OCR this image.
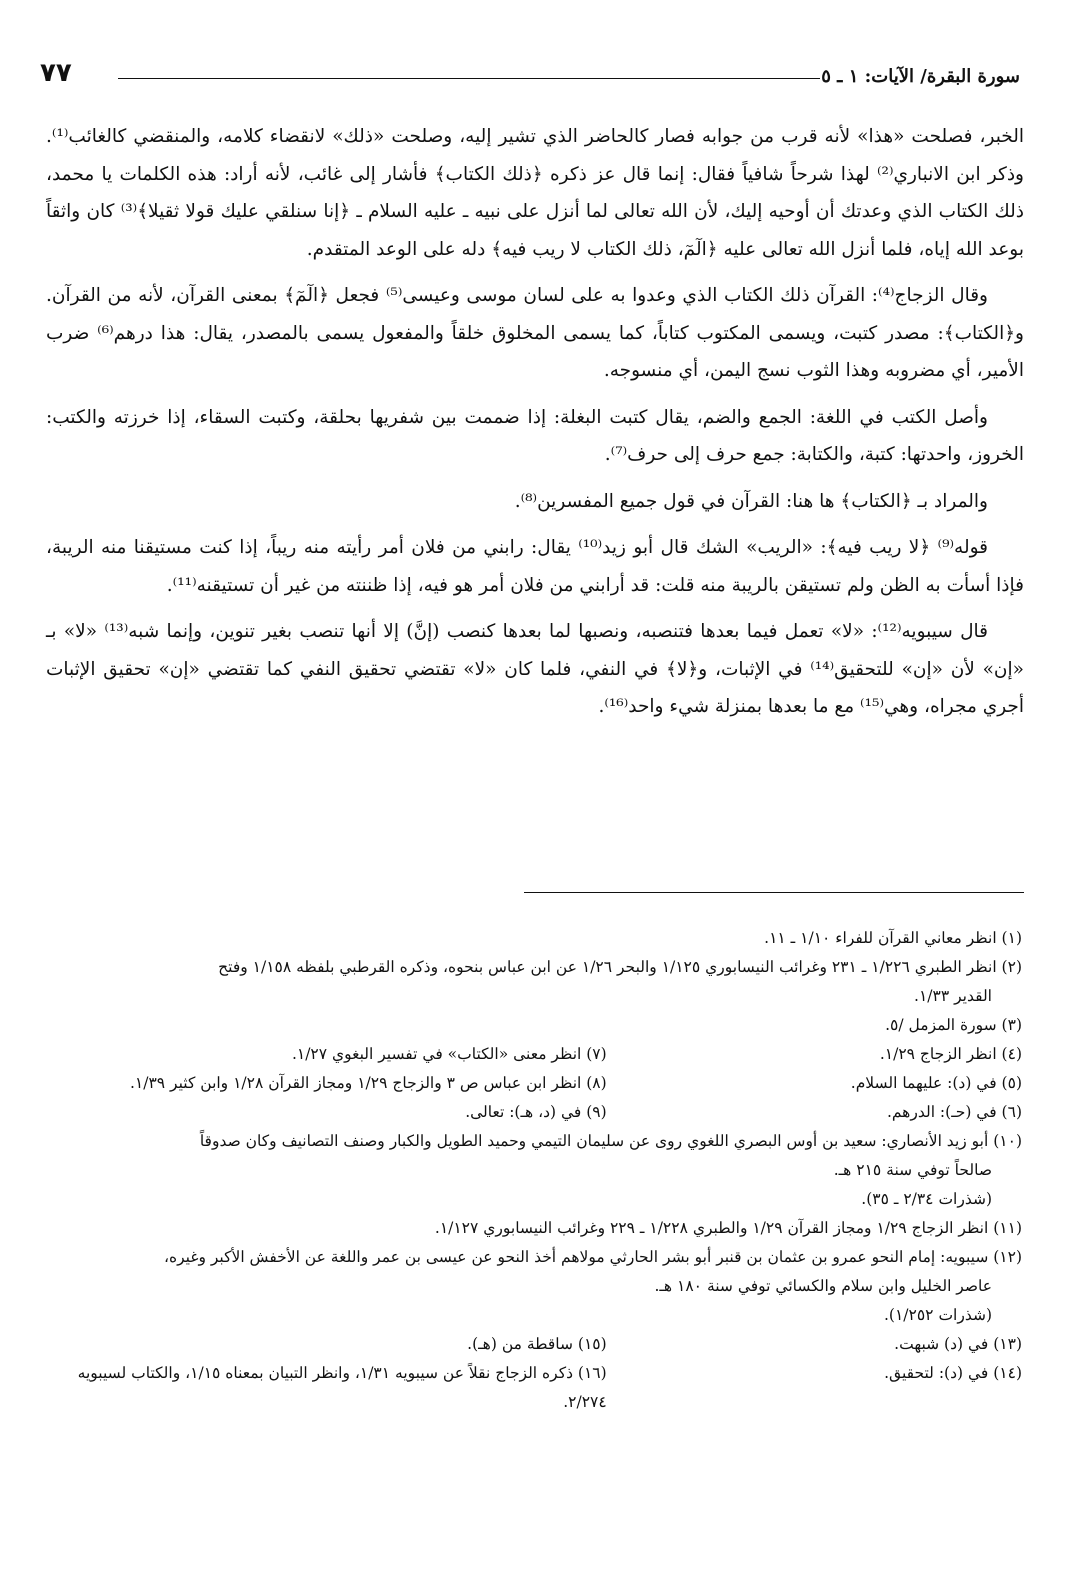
٧٧	سورة البقرة/ الآيات: ١ ـ ٥

الخبر، فصلحت «هذا» لأنه قرب من جوابه فصار كالحاضر الذي تشير إليه، وصلحت «ذلك» لانقضاء كلامه، والمنقضي كالغائب⁽¹⁾. وذكر ابن الانباري⁽²⁾ لهذا شرحاً شافياً فقال: إنما قال عز ذكره ﴿ذلك الكتاب﴾ فأشار إلى غائب، لأنه أراد: هذه الكلمات يا محمد، ذلك الكتاب الذي وعدتك أن أوحيه إليك، لأن الله تعالى لما أنزل على نبيه ـ عليه السلام ـ ﴿إنا سنلقي عليك قولا ثقيلا﴾⁽³⁾ كان واثقاً بوعد الله إياه، فلما أنزل الله تعالى عليه ﴿الٓمٓ، ذلك الكتاب لا ريب فيه﴾ دله على الوعد المتقدم.

وقال الزجاج⁽⁴⁾: القرآن ذلك الكتاب الذي وعدوا به على لسان موسى وعيسى⁽⁵⁾ فجعل ﴿الٓمٓ﴾ بمعنى القرآن، لأنه من القرآن. و﴿الكتاب﴾: مصدر كتبت، ويسمى المكتوب كتاباً، كما يسمى المخلوق خلقاً والمفعول يسمى بالمصدر، يقال: هذا درهم⁽⁶⁾ ضرب الأمير، أي مضروبه وهذا الثوب نسج اليمن، أي منسوجه.

وأصل الكتب في اللغة: الجمع والضم، يقال كتبت البغلة: إذا ضممت بين شفريها بحلقة، وكتبت السقاء، إذا خرزته والكتب: الخروز، واحدتها: كتبة، والكتابة: جمع حرف إلى حرف⁽⁷⁾.

والمراد بـ ﴿الكتاب﴾ ها هنا: القرآن في قول جميع المفسرين⁽⁸⁾.

قوله⁽⁹⁾ ﴿لا ريب فيه﴾: «الريب» الشك قال أبو زيد⁽¹⁰⁾ يقال: رابني من فلان أمر رأيته منه ريباً، إذا كنت مستيقنا منه الريبة، فإذا أسأت به الظن ولم تستيقن بالريبة منه قلت: قد أرابني من فلان أمر هو فيه، إذا ظننته من غير أن تستيقنه⁽¹¹⁾.

قال سيبويه⁽¹²⁾: «لا» تعمل فيما بعدها فتنصبه، ونصبها لما بعدها كنصب (إنَّ) إلا أنها تنصب بغير تنوين، وإنما شبه⁽¹³⁾ «لا» بـ «إن» لأن «إن» للتحقيق⁽¹⁴⁾ في الإثبات، و﴿لا﴾ في النفي، فلما كان «لا» تقتضي تحقيق النفي كما تقتضي «إن» تحقيق الإثبات أجري مجراه، وهي⁽¹⁵⁾ مع ما بعدها بمنزلة شيء واحد⁽¹⁶⁾.

(١) انظر معاني القرآن للفراء ١/١٠ ـ ١١.

(٢) انظر الطبري ١/٢٢٦ ـ ٢٣١ وغرائب النيسابوري ١/١٢٥ والبحر ١/٢٦ عن ابن عباس بنحوه، وذكره القرطبي بلفظه ١/١٥٨ وفتح

القدير ١/٣٣.

(٣) سورة المزمل /٥.

(٤) انظر الزجاج ١/٢٩.
(٧) انظر معنى «الكتاب» في تفسير البغوي ١/٢٧.
(٥) في (د): عليهما السلام.
(٨) انظر ابن عباس ص ٣ والزجاج ١/٢٩ ومجاز القرآن ١/٢٨ وابن كثير ١/٣٩.
(٦) في (حـ): الدرهم.
(٩) في (د، هـ): تعالى.

(١٠) أبو زيد الأنصاري: سعيد بن أوس البصري اللغوي روى عن سليمان التيمي وحميد الطويل والكبار وصنف التصانيف وكان صدوقاً

صالحاً توفي سنة ٢١٥ هـ.

(شذرات ٢/٣٤ ـ ٣٥).

(١١) انظر الزجاج ١/٢٩ ومجاز القرآن ١/٢٩ والطبري ١/٢٢٨ ـ ٢٢٩ وغرائب النيسابوري ١/١٢٧.

(١٢) سيبويه: إمام النحو عمرو بن عثمان بن قنبر أبو بشر الحارثي مولاهم أخذ النحو عن عيسى بن عمر واللغة عن الأخفش الأكبر وغيره،

عاصر الخليل وابن سلام والكسائي توفي سنة ١٨٠ هـ.

(شذرات ١/٢٥٢).

(١٣) في (د) شبهت.
(١٥) ساقطة من (هـ).
(١٤) في (د): لتحقيق.
(١٦) ذكره الزجاج نقلاً عن سيبويه ١/٣١، وانظر التبيان بمعناه ١/١٥، والكتاب لسيبويه ٢/٢٧٤.
